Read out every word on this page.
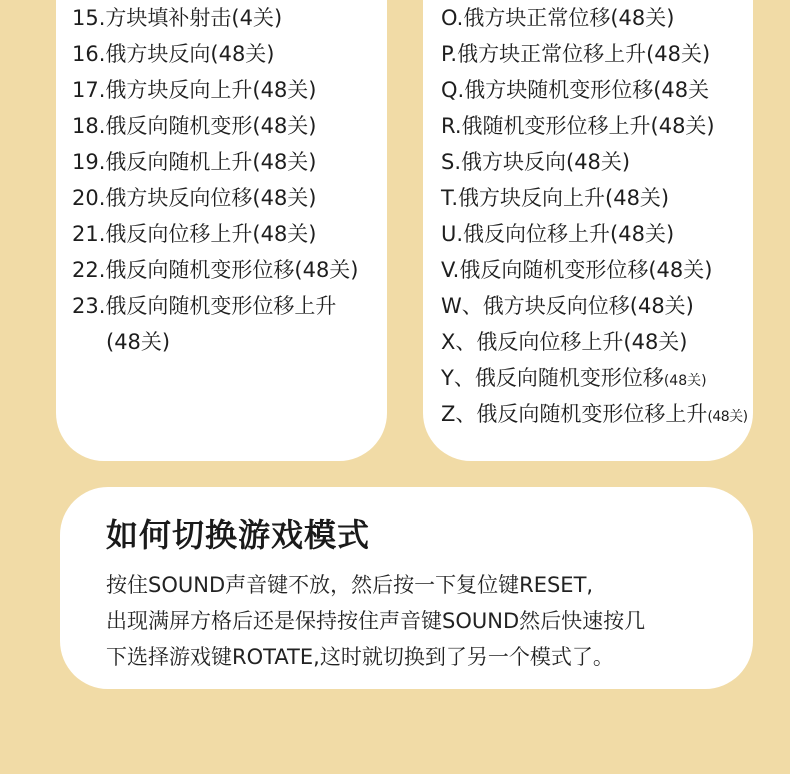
15.方块填补射击(4关)
16.俄方块反向(48关)
17.俄方块反向上升(48关)
18.俄反向随机变形(48关)
19.俄反向随机上升(48关)
20.俄方块反向位移(48关)
21.俄反向位移上升(48关)
22.俄反向随机变形位移(48关)
23.俄反向随机变形位移上升
(48关)
O.俄方块正常位移(48关)
P.俄方块正常位移上升(48关)
Q.俄方块随机变形位移(48关
R.俄随机变形位移上升(48关)
S.俄方块反向(48关)
T.俄方块反向上升(48关)
U.俄反向位移上升(48关)
V.俄反向随机变形位移(48关)
W、俄方块反向位移(48关)
X、俄反向位移上升(48关)
Y、俄反向随机变形位移(48关)
Z、俄反向随机变形位移上升(48关)
如何切换游戏模式

按住SOUND声音键不放，然后按一下复位键RESET,
出现满屏方格后还是保持按住声音键SOUND然后快速按几
下选择游戏键ROTATE,这时就切换到了另一个模式了。
